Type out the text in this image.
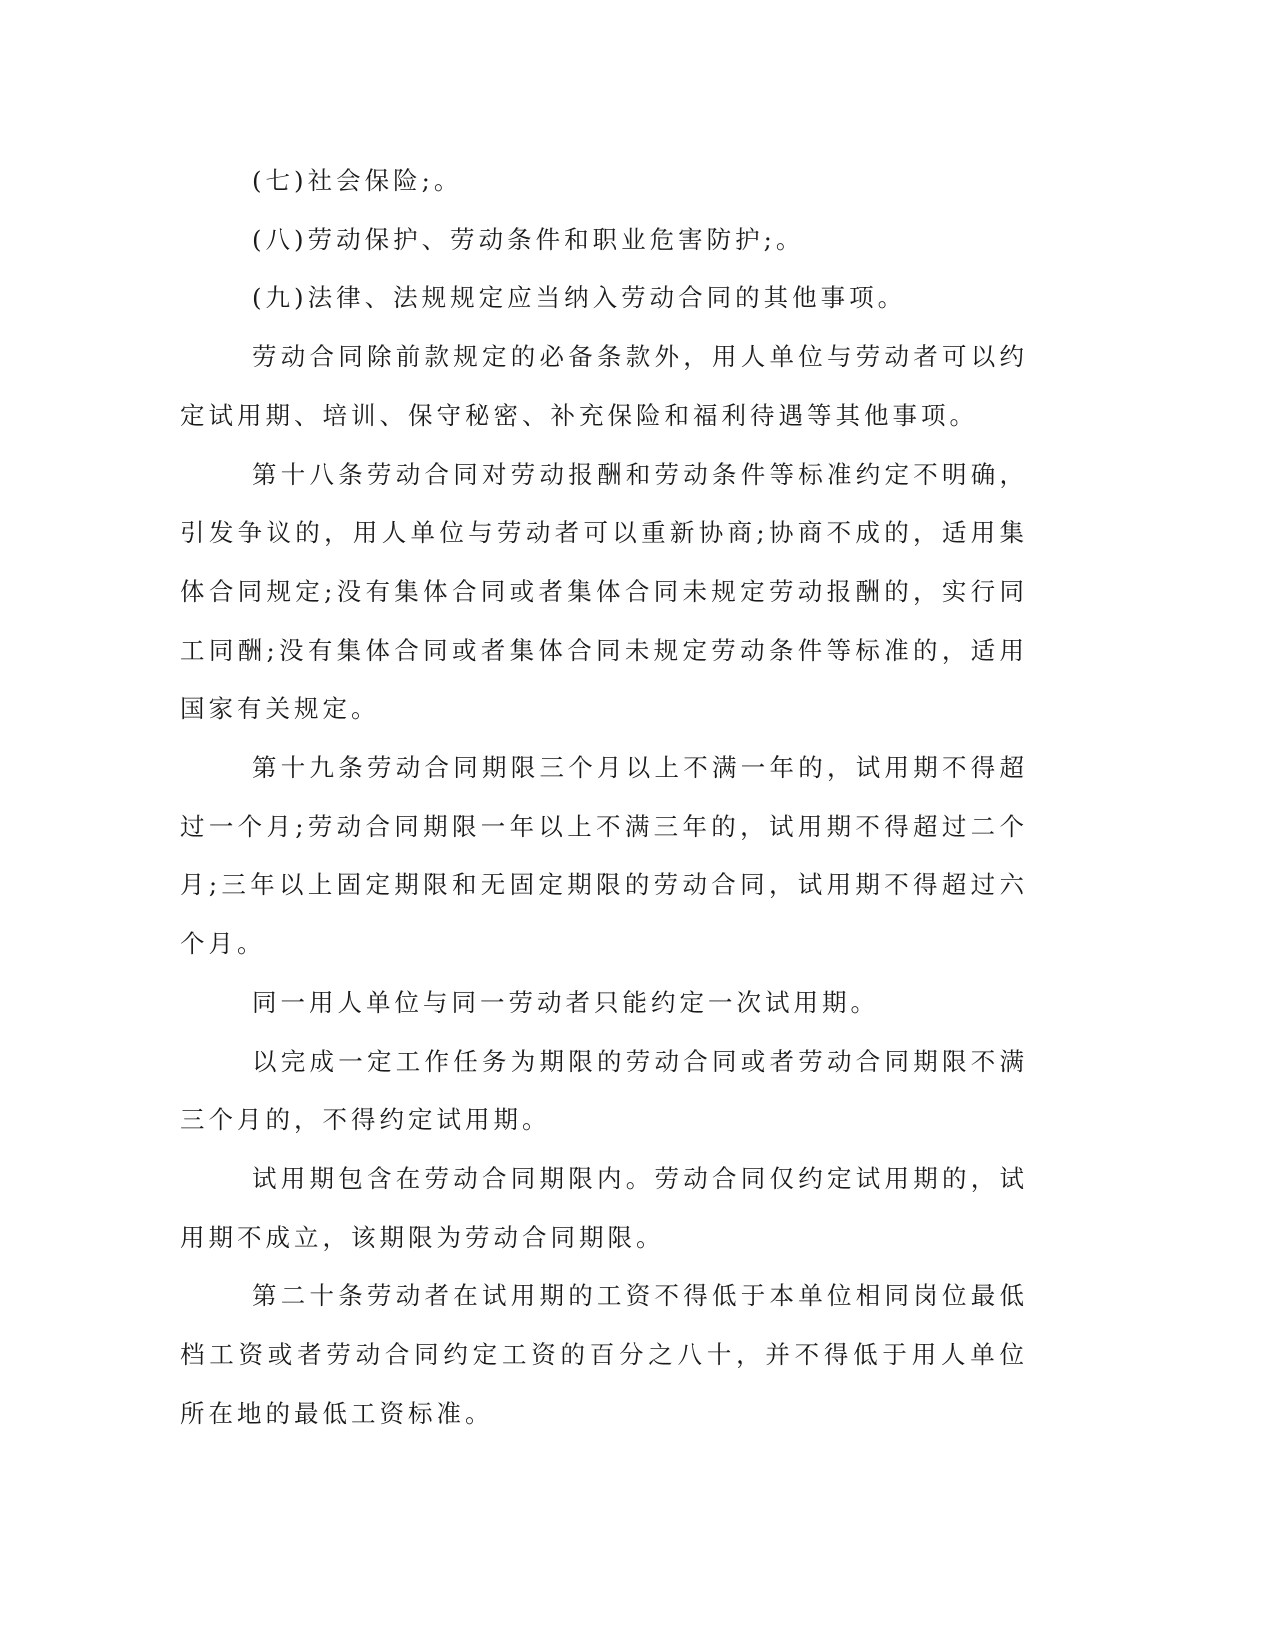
(七)社会保险;。

(八)劳动保护、劳动条件和职业危害防护;。

(九)法律、法规规定应当纳入劳动合同的其他事项。

劳动合同除前款规定的必备条款外，用人单位与劳动者可以约定试用期、培训、保守秘密、补充保险和福利待遇等其他事项。

第十八条劳动合同对劳动报酬和劳动条件等标准约定不明确，引发争议的，用人单位与劳动者可以重新协商;协商不成的，适用集体合同规定;没有集体合同或者集体合同未规定劳动报酬的，实行同工同酬;没有集体合同或者集体合同未规定劳动条件等标准的，适用国家有关规定。

第十九条劳动合同期限三个月以上不满一年的，试用期不得超过一个月;劳动合同期限一年以上不满三年的，试用期不得超过二个月;三年以上固定期限和无固定期限的劳动合同，试用期不得超过六个月。

同一用人单位与同一劳动者只能约定一次试用期。

以完成一定工作任务为期限的劳动合同或者劳动合同期限不满三个月的，不得约定试用期。

试用期包含在劳动合同期限内。劳动合同仅约定试用期的，试用期不成立，该期限为劳动合同期限。

第二十条劳动者在试用期的工资不得低于本单位相同岗位最低档工资或者劳动合同约定工资的百分之八十，并不得低于用人单位所在地的最低工资标准。
